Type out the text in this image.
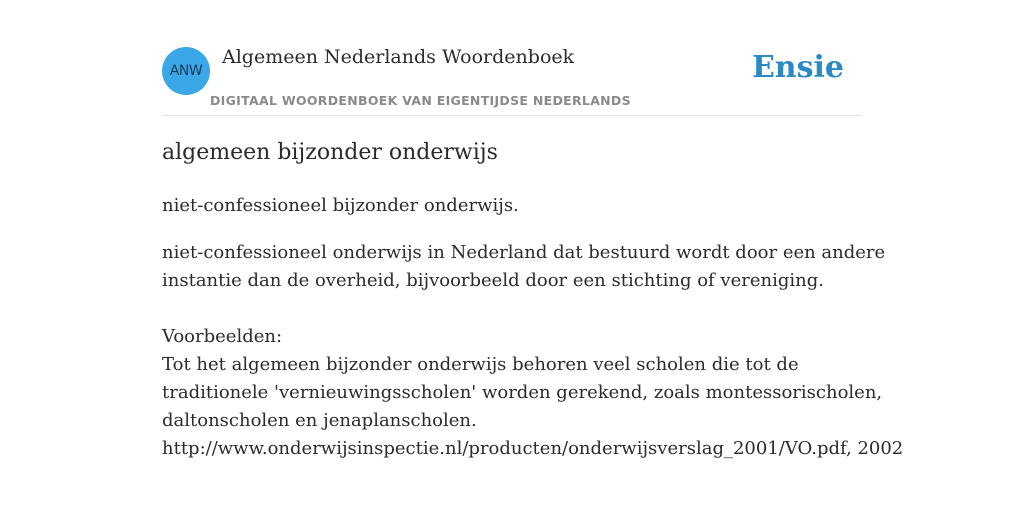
ANW
Algemeen Nederlands Woordenboek
DIGITAAL WOORDENBOEK VAN EIGENTIJDSE NEDERLANDS
Ensie
algemeen bijzonder onderwijs
niet-confessioneel bijzonder onderwijs.
niet-confessioneel onderwijs in Nederland dat bestuurd wordt door een andere
instantie dan de overheid, bijvoorbeeld door een stichting of vereniging.
Voorbeelden:
Tot het algemeen bijzonder onderwijs behoren veel scholen die tot de
traditionele 'vernieuwingsscholen' worden gerekend, zoals montessorischolen,
daltonscholen en jenaplanscholen.
http://www.onderwijsinspectie.nl/producten/onderwijsverslag_2001/VO.pdf, 2002
